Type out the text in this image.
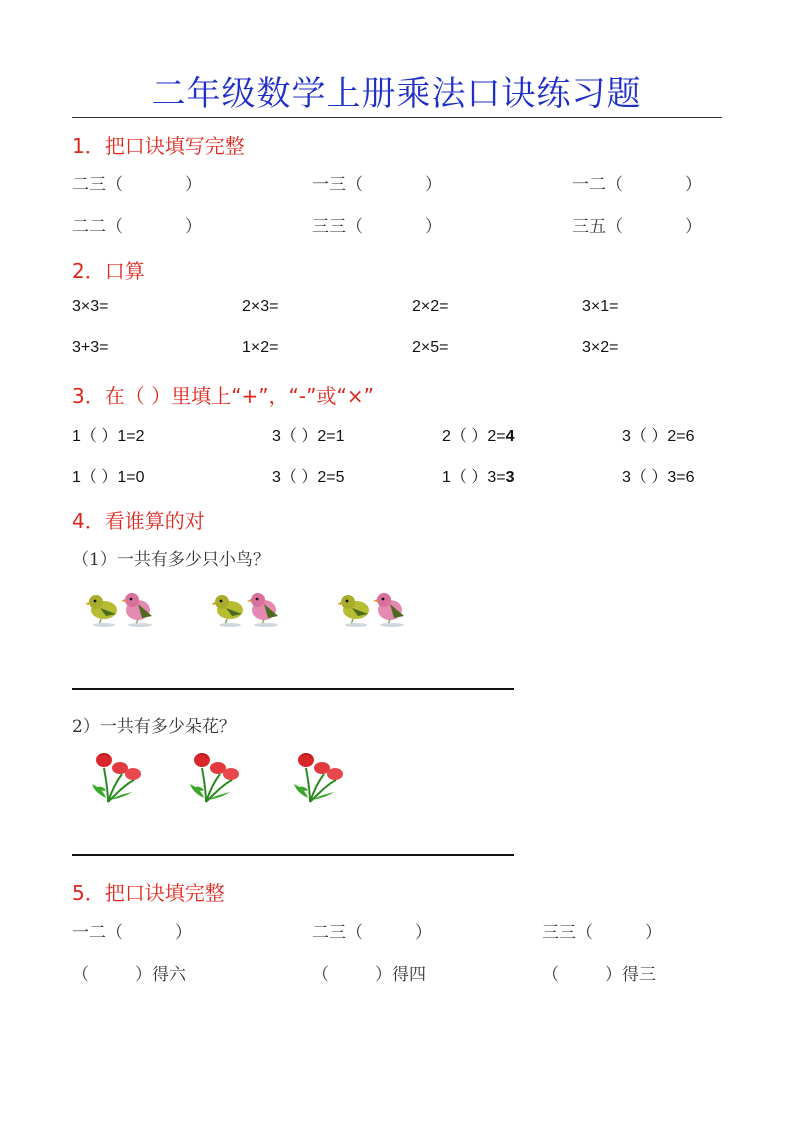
二年级数学上册乘法口诀练习题
1．把口诀填写完整
二三（	）	一三（	）	一二（	）
二二（	）	三三（	）	三五（	）
2．口算
3×3=	2×3=	2×2=	3×1=
3+3=	1×2=	2×5=	3×2=
3．在（ ）里填上“+”，“-”或“×”
1（ ）1=2	3（ ）2=1	2（ ）2=4	3（ ）2=6
1（ ）1=0	3（ ）2=5	1（ ）3=3	3（ ）3=6
4．看谁算的对
（1）一共有多少只小鸟？
2）一共有多少朵花？
5．把口诀填完整
一二（	）	二三（	）	三三（	）
（	）得六	（	）得四	（	）得三
